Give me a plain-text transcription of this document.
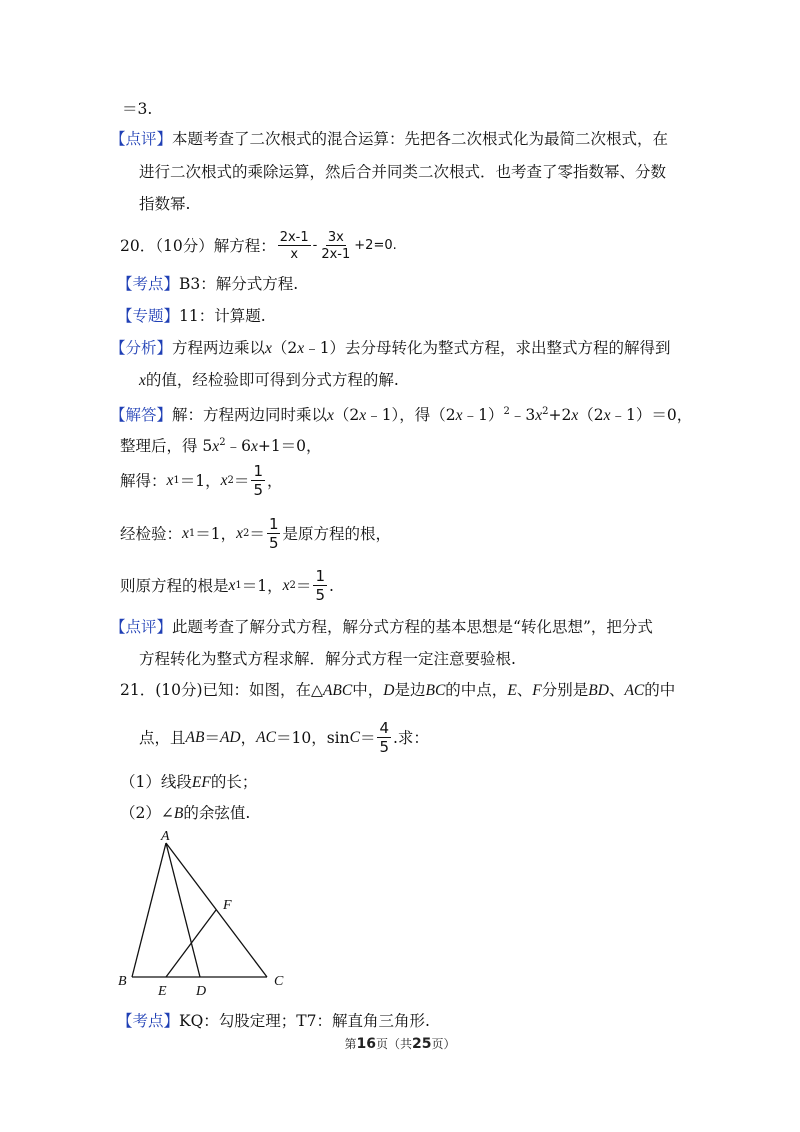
＝3.
【点评】本题考查了二次根式的混合运算：先把各二次根式化为最简二次根式，在
进行二次根式的乘除运算，然后合并同类二次根式．也考查了零指数幂、分数
指数幂.
20．（10分）解方程： $\frac{2x-1}{x} - \frac{3x}{2x-1} +2=0$.
【考点】B3：解分式方程.
【专题】11：计算题.
【分析】方程两边乘以x（2x﹣1）去分母转化为整式方程，求出整式方程的解得到
x的值，经检验即可得到分式方程的解.
【解答】解：方程两边同时乘以x（2x﹣1），得$(2x﹣1)^2﹣3x^2+2x(2x﹣1)=0$，
整理后，得 $5x^2﹣6x+1=0$，
解得： x 1 ＝1， x $2 = \frac{1}{5}$ ，
经检验： x 1 ＝1， x $2 = \frac{1}{5}$ 是原方程的根，
则原方程的根是 x 1 ＝1， x $2 = \frac{1}{5}$ .
【点评】此题考查了解分式方程，解分式方程的基本思想是“转化思想”，把分式
方程转化为整式方程求解．解分式方程一定注意要验根.
21．(10分)已知：如图，在△ABC中，D是边BC的中点，E、F分别是BD、AC的中
点，且 AB ＝ AD ， AC ＝10，$\sin C = \frac{4}{5}$ .求：
（1）线段EF的长；
（2）∠B的余弦值.
A
B	C
D
E
F
【考点】KQ：勾股定理；T7：解直角三角形.
第16页（共25页）
